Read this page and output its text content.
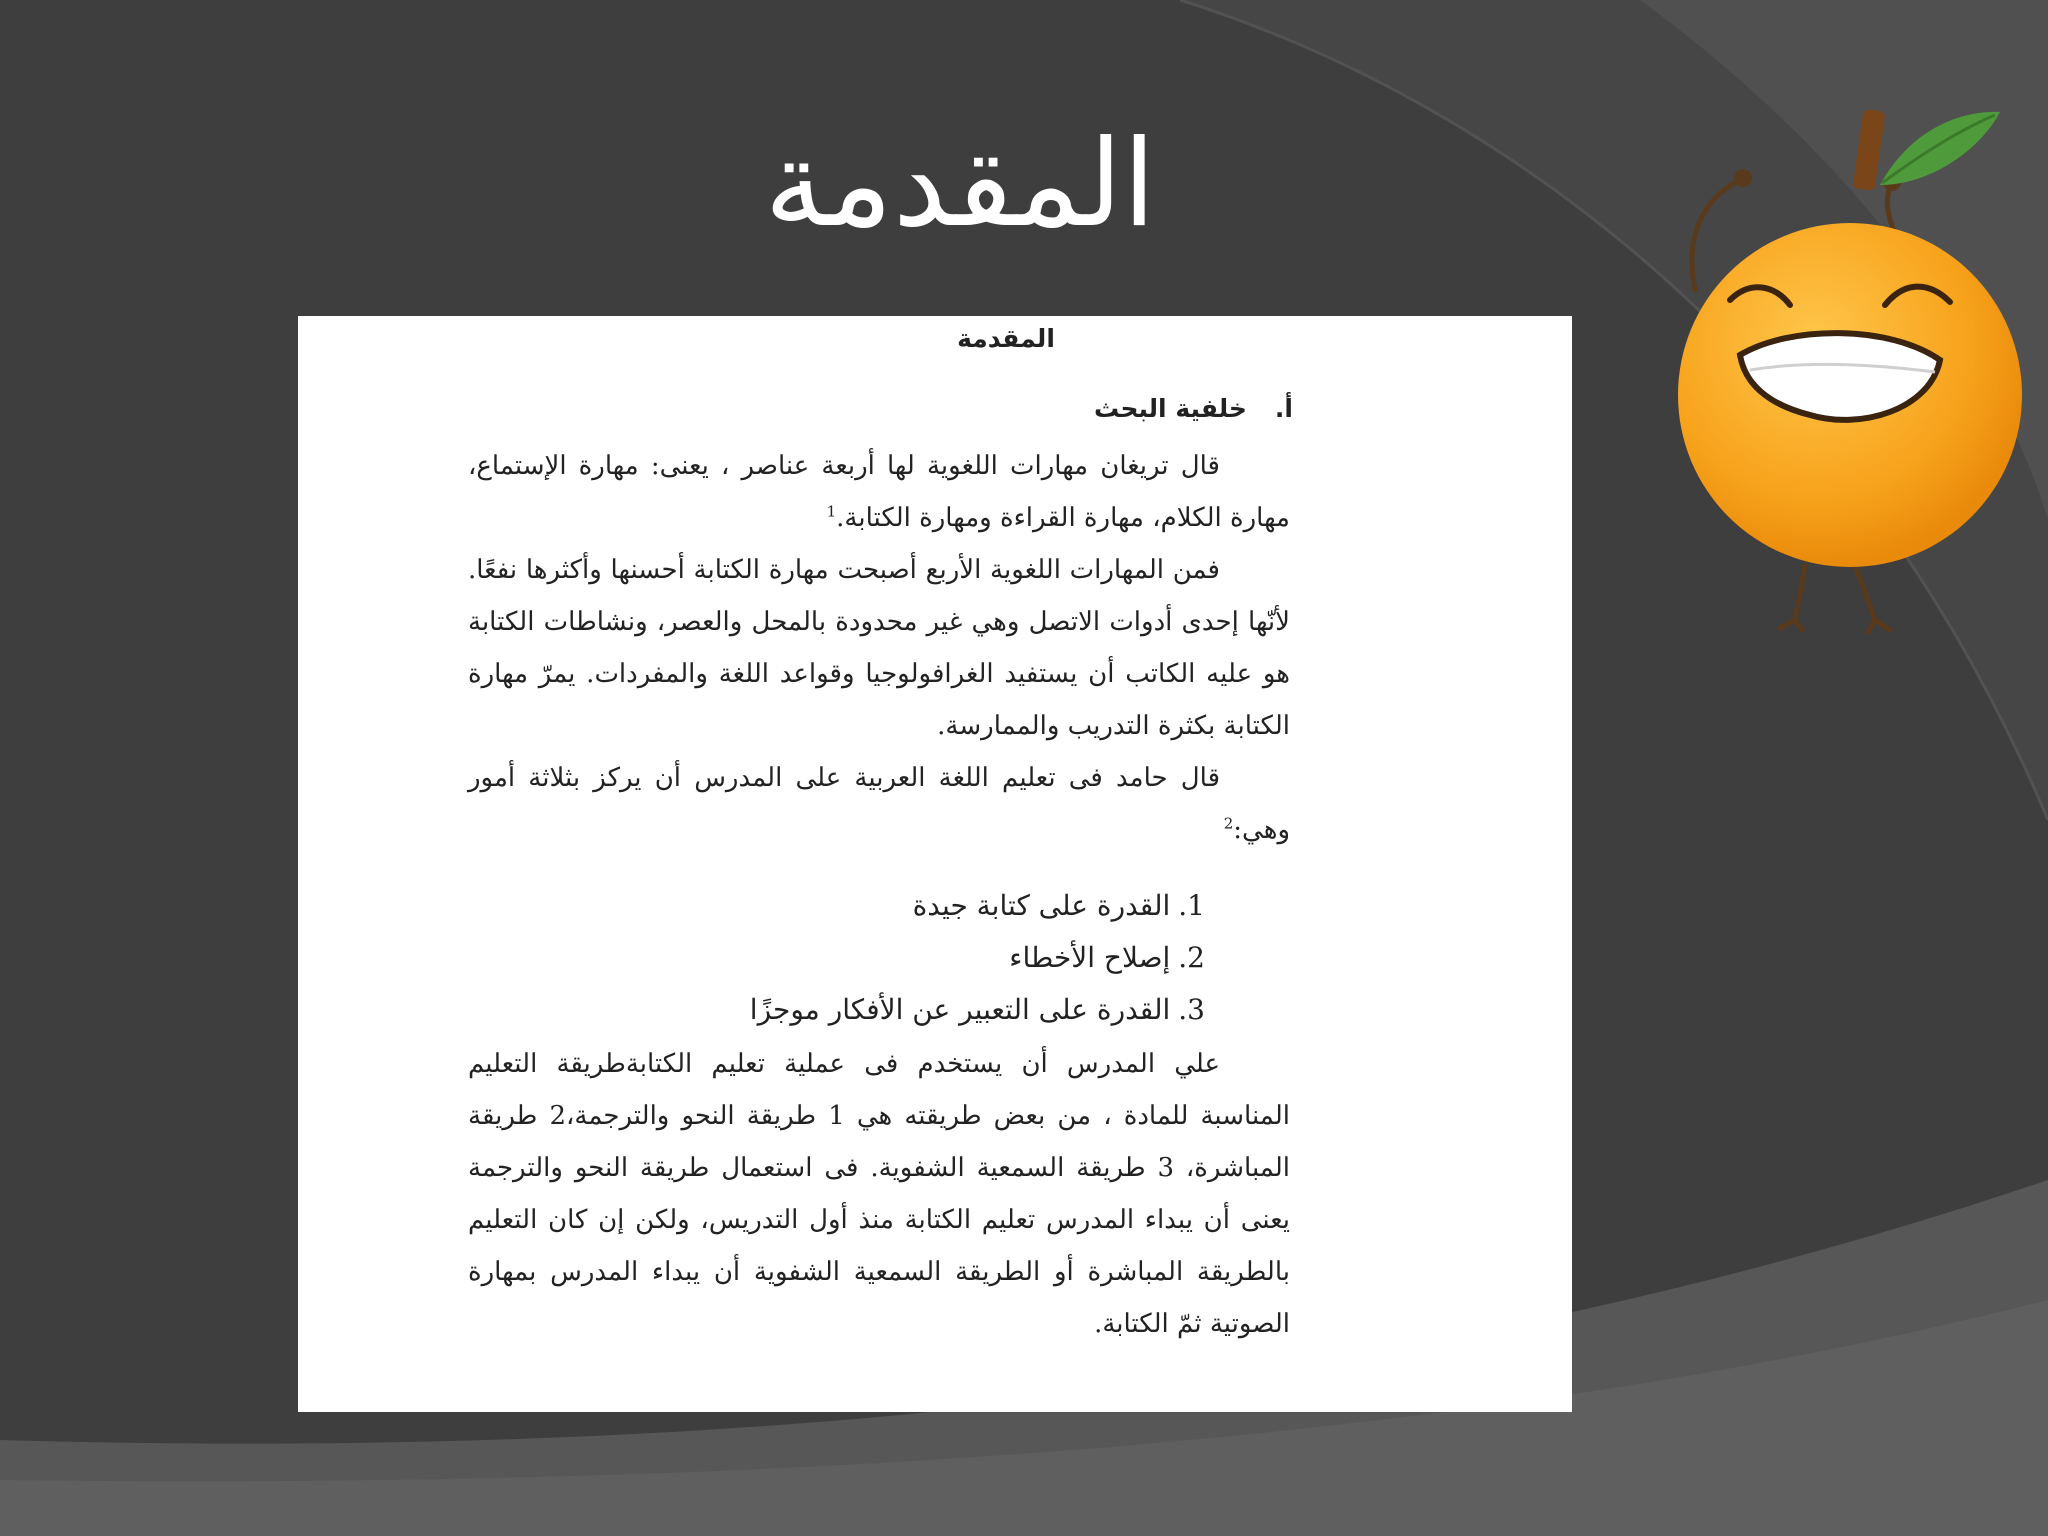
المقدمة

المقدمة

أ.خلفية البحث

قال تريغان مهارات اللغوية لها أربعة عناصر ، يعنى: مهارة الإستماع، مهارة الكلام، مهارة القراءة ومهارة الكتابة.$^1$

فمن المهارات اللغوية الأربع أصبحت مهارة الكتابة أحسنها وأكثرها نفعًا. لأنّها إحدى أدوات الاتصل وهي غير محدودة بالمحل والعصر، ونشاطات الكتابة هو عليه الكاتب أن يستفيد الغرافولوجيا وقواعد اللغة والمفردات. يمرّ مهارة الكتابة بكثرة التدريب والممارسة.

قال حامد فى تعليم اللغة العربية على المدرس أن يركز بثلاثة أمور وهي:$^2$

1.القدرة على كتابة جيدة
2.إصلاح الأخطاء
3.القدرة على التعبير عن الأفكار موجزًا

علي المدرس أن يستخدم فى عملية تعليم الكتابةطريقة التعليم المناسبة للمادة ، من بعض طريقته هي 1 طريقة النحو والترجمة،2 طريقة المباشرة، 3 طريقة السمعية الشفوية. فى استعمال طريقة النحو والترجمة يعنى أن يبداء المدرس تعليم الكتابة منذ أول التدريس، ولكن إن كان التعليم بالطريقة المباشرة أو الطريقة السمعية الشفوية أن يبداء المدرس بمهارة الصوتية ثمّ الكتابة.
